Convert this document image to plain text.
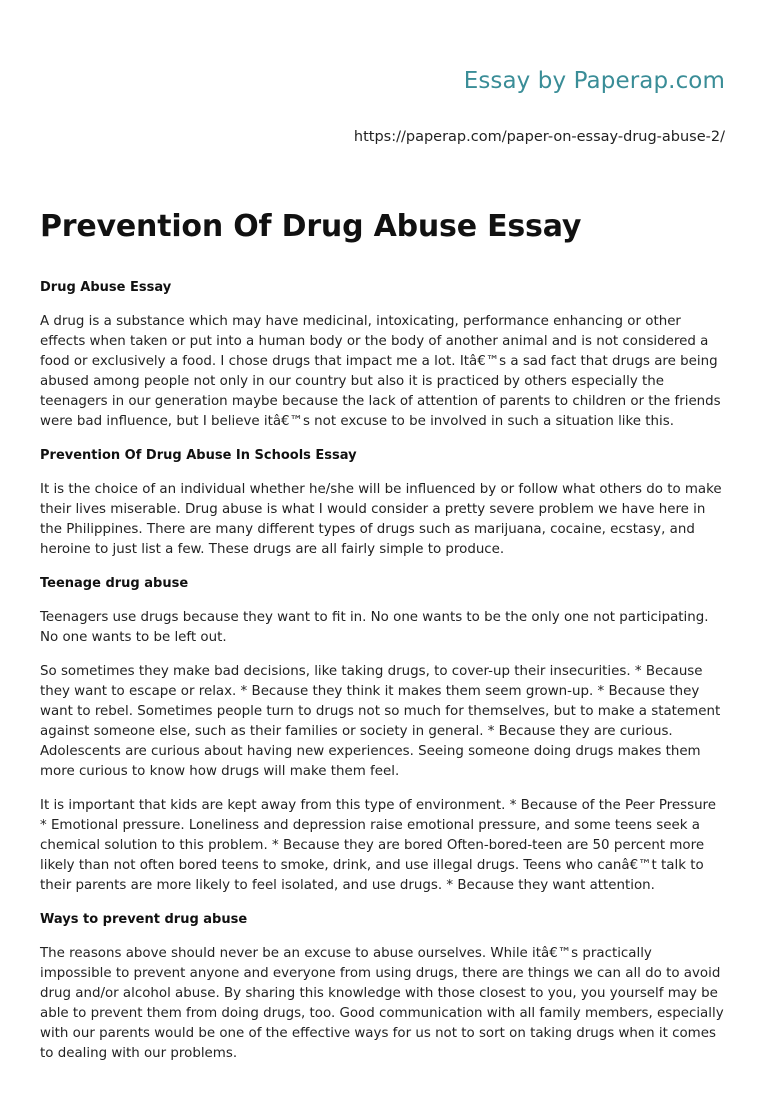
Essay by Paperap.com
https://paperap.com/paper-on-essay-drug-abuse-2/
Prevention Of Drug Abuse Essay
Drug Abuse Essay

A drug is a substance which may have medicinal, intoxicating, performance enhancing or other effects when taken or put into a human body or the body of another animal and is not considered a food or exclusively a food. I chose drugs that impact me a lot. Itâ€™s a sad fact that drugs are being abused among people not only in our country but also it is practiced by others especially the teenagers in our generation maybe because the lack of attention of parents to children or the friends were bad influence, but I believe itâ€™s not excuse to be involved in such a situation like this.

Prevention Of Drug Abuse In Schools Essay

It is the choice of an individual whether he/she will be influenced by or follow what others do to make their lives miserable. Drug abuse is what I would consider a pretty severe problem we have here in the Philippines. There are many different types of drugs such as marijuana, cocaine, ecstasy, and heroine to just list a few. These drugs are all fairly simple to produce.

Teenage drug abuse

Teenagers use drugs because they want to fit in. No one wants to be the only one not participating. No one wants to be left out.

So sometimes they make bad decisions, like taking drugs, to cover-up their insecurities. * Because they want to escape or relax. * Because they think it makes them seem grown-up. * Because they want to rebel. Sometimes people turn to drugs not so much for themselves, but to make a statement against someone else, such as their families or society in general. * Because they are curious. Adolescents are curious about having new experiences. Seeing someone doing drugs makes them more curious to know how drugs will make them feel.

It is important that kids are kept away from this type of environment. * Because of the Peer Pressure * Emotional pressure. Loneliness and depression raise emotional pressure, and some teens seek a chemical solution to this problem. * Because they are bored Often-bored-teen are 50 percent more likely than not often bored teens to smoke, drink, and use illegal drugs. Teens who canâ€™t talk to their parents are more likely to feel isolated, and use drugs. * Because they want attention.

Ways to prevent drug abuse

The reasons above should never be an excuse to abuse ourselves. While itâ€™s practically impossible to prevent anyone and everyone from using drugs, there are things we can all do to avoid drug and/or alcohol abuse. By sharing this knowledge with those closest to you, you yourself may be able to prevent them from doing drugs, too. Good communication with all family members, especially with our parents would be one of the effective ways for us not to sort on taking drugs when it comes to dealing with our problems.
